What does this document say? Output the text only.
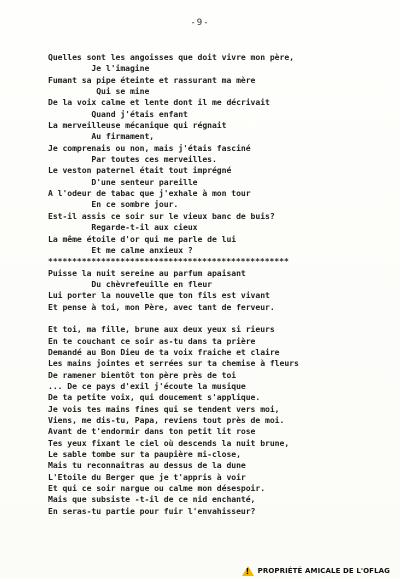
-9-
Quelles sont les angoisses que doit vivre mon père,
Je l'imagine
Fumant sa pipe éteinte et rassurant ma mère
Qui se mine
De la voix calme et lente dont il me décrivait
Quand j'étais enfant
La merveilleuse mécanique qui régnait
Au firmament,
Je comprenais ou non, mais j'étais fasciné
Par toutes ces merveilles.
Le veston paternel était tout imprégné
D'une senteur pareille
A l'odeur de tabac que j'exhale à mon tour
En ce sombre jour.
Est-il assis ce soir sur le vieux banc de buis?
Regarde-t-il aux cieux
La même étoile d'or qui me parle de lui
Et me calme anxieux ?
**************************************************
Puisse la nuit sereine au parfum apaisant
Du chèvrefeuille en fleur
Lui porter la nouvelle que ton fils est vivant
Et pense à toi, mon Père, avec tant de ferveur.
Et toi, ma fille, brune aux deux yeux si rieurs
En te couchant ce soir as-tu dans ta prière
Demandé au Bon Dieu de ta voix fraiche et claire
Les mains jointes et serrées sur ta chemise à fleurs
De ramener bientôt ton père près de toi
... De ce pays d'exil j'écoute la musique
De ta petite voix, qui doucement s'applique.
Je vois tes mains fines qui se tendent vers moi,
Viens, me dis-tu, Papa, reviens tout près de moi.
Avant de t'endormir dans ton petit lit rose
Tes yeux fixant le ciel où descends la nuit brune,
Le sable tombe sur ta paupière mi-close,
Mais tu reconnaitras au dessus de la dune
L'Etoile du Berger que je t'appris à voir
Et qui ce soir nargue ou calme mon désespoir.
Mais que subsiste -t-il de ce nid enchanté,
En seras-tu partie pour fuir l'envahisseur?
!
PROPRIÉTÉ AMICALE DE L'OFLAG
